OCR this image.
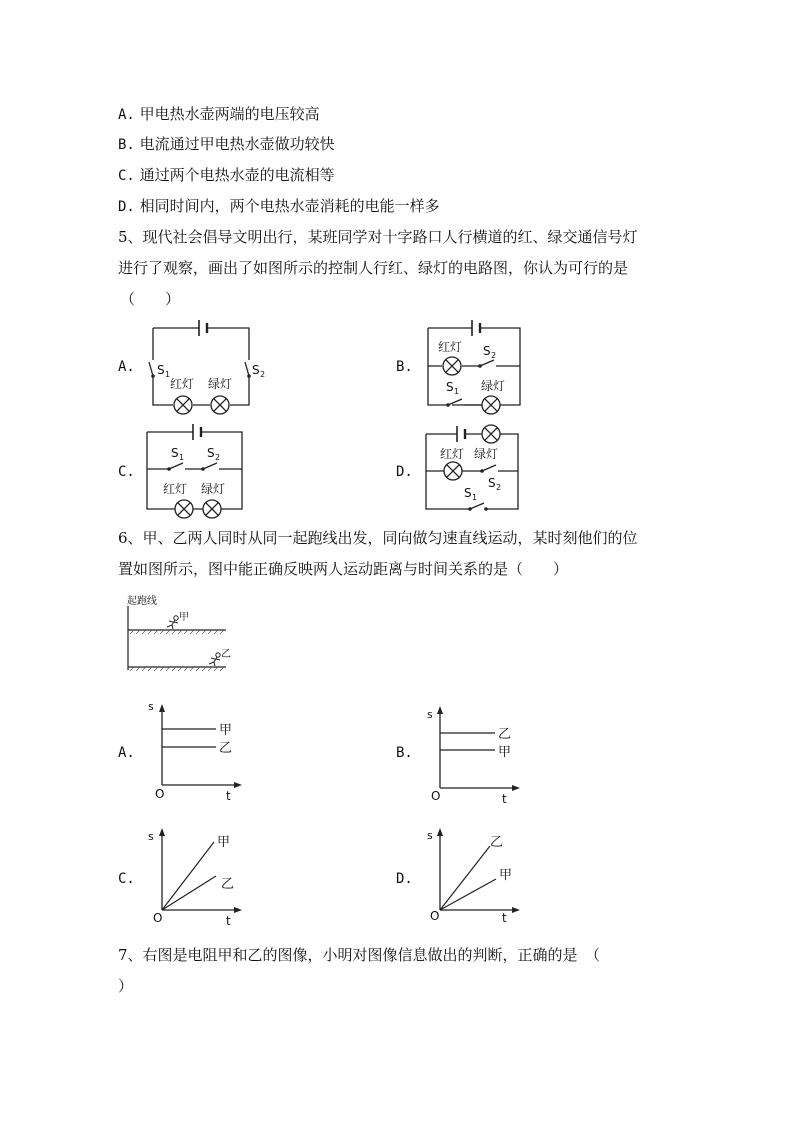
A. 甲电热水壶两端的电压较高
B. 电流通过甲电热水壶做功较快
C. 通过两个电热水壶的电流相等
D. 相同时间内，两个电热水壶消耗的电能一样多
5、现代社会倡导文明出行，某班同学对十字路口人行横道的红、绿交通信号灯
进行了观察，画出了如图所示的控制人行红、绿灯的电路图，你认为可行的是
（　　）
A.	B.
C.	D.
S 1	S 2
红灯 绿灯
红灯 S 2
S 1 绿灯
S 1 S 2
红灯 绿灯
红灯 绿灯
S 2
S 1
6、甲、乙两人同时从同一起跑线出发，同向做匀速直线运动，某时刻他们的位
置如图所示，图中能正确反映两人运动距离与时间关系的是（　　）
起跑线
甲
乙
A.	B.
C.	D.
s
t
O
甲
乙
s
t
O
乙
甲
s
t
O
甲
乙
s
t
O
乙
甲
7、右图是电阻甲和乙的图像，小明对图像信息做出的判断，正确的是　（
）
